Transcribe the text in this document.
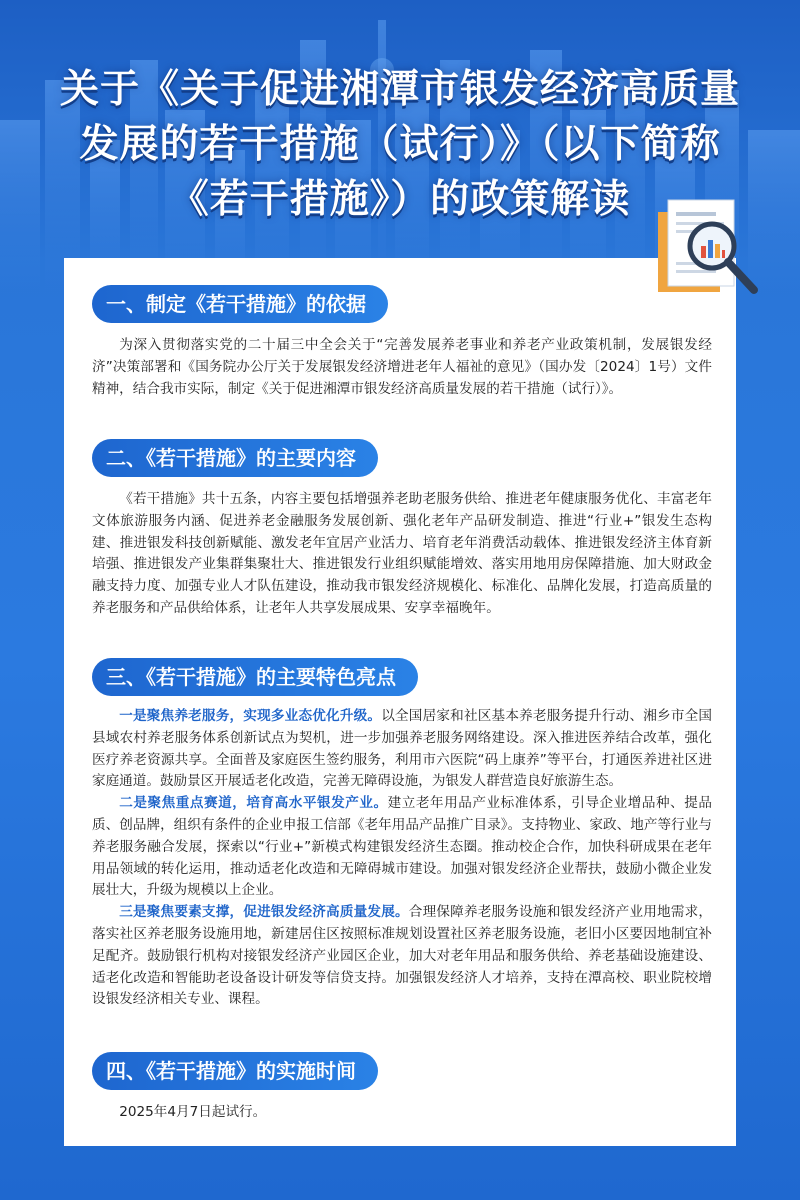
关于《关于促进湘潭市银发经济高质量
发展的若干措施（试行）》（以下简称
《若干措施》）的政策解读
一、制定《若干措施》的依据

为深入贯彻落实党的二十届三中全会关于“完善发展养老事业和养老产业政策机制，发展银发经济”决策部署和《国务院办公厅关于发展银发经济增进老年人福祉的意见》（国办发〔2024〕1号）文件精神，结合我市实际，制定《关于促进湘潭市银发经济高质量发展的若干措施（试行）》。

二、《若干措施》的主要内容

《若干措施》共十五条，内容主要包括增强养老助老服务供给、推进老年健康服务优化、丰富老年文体旅游服务内涵、促进养老金融服务发展创新、强化老年产品研发制造、推进“行业+”银发生态构建、推进银发科技创新赋能、激发老年宜居产业活力、培育老年消费活动载体、推进银发经济主体育新培强、推进银发产业集群集聚壮大、推进银发行业组织赋能增效、落实用地用房保障措施、加大财政金融支持力度、加强专业人才队伍建设，推动我市银发经济规模化、标准化、品牌化发展，打造高质量的养老服务和产品供给体系，让老年人共享发展成果、安享幸福晚年。

三、《若干措施》的主要特色亮点

一是聚焦养老服务，实现多业态优化升级。以全国居家和社区基本养老服务提升行动、湘乡市全国县域农村养老服务体系创新试点为契机，进一步加强养老服务网络建设。深入推进医养结合改革，强化医疗养老资源共享。全面普及家庭医生签约服务，利用市六医院“码上康养”等平台，打通医养进社区进家庭通道。鼓励景区开展适老化改造，完善无障碍设施，为银发人群营造良好旅游生态。

二是聚焦重点赛道，培育高水平银发产业。建立老年用品产业标准体系，引导企业增品种、提品质、创品牌，组织有条件的企业申报工信部《老年用品产品推广目录》。支持物业、家政、地产等行业与养老服务融合发展，探索以“行业+”新模式构建银发经济生态圈。推动校企合作，加快科研成果在老年用品领域的转化运用，推动适老化改造和无障碍城市建设。加强对银发经济企业帮扶，鼓励小微企业发展壮大，升级为规模以上企业。

三是聚焦要素支撑，促进银发经济高质量发展。合理保障养老服务设施和银发经济产业用地需求，落实社区养老服务设施用地，新建居住区按照标准规划设置社区养老服务设施，老旧小区要因地制宜补足配齐。鼓励银行机构对接银发经济产业园区企业，加大对老年用品和服务供给、养老基础设施建设、适老化改造和智能助老设备设计研发等信贷支持。加强银发经济人才培养，支持在潭高校、职业院校增设银发经济相关专业、课程。

四、《若干措施》的实施时间

2025年4月7日起试行。
